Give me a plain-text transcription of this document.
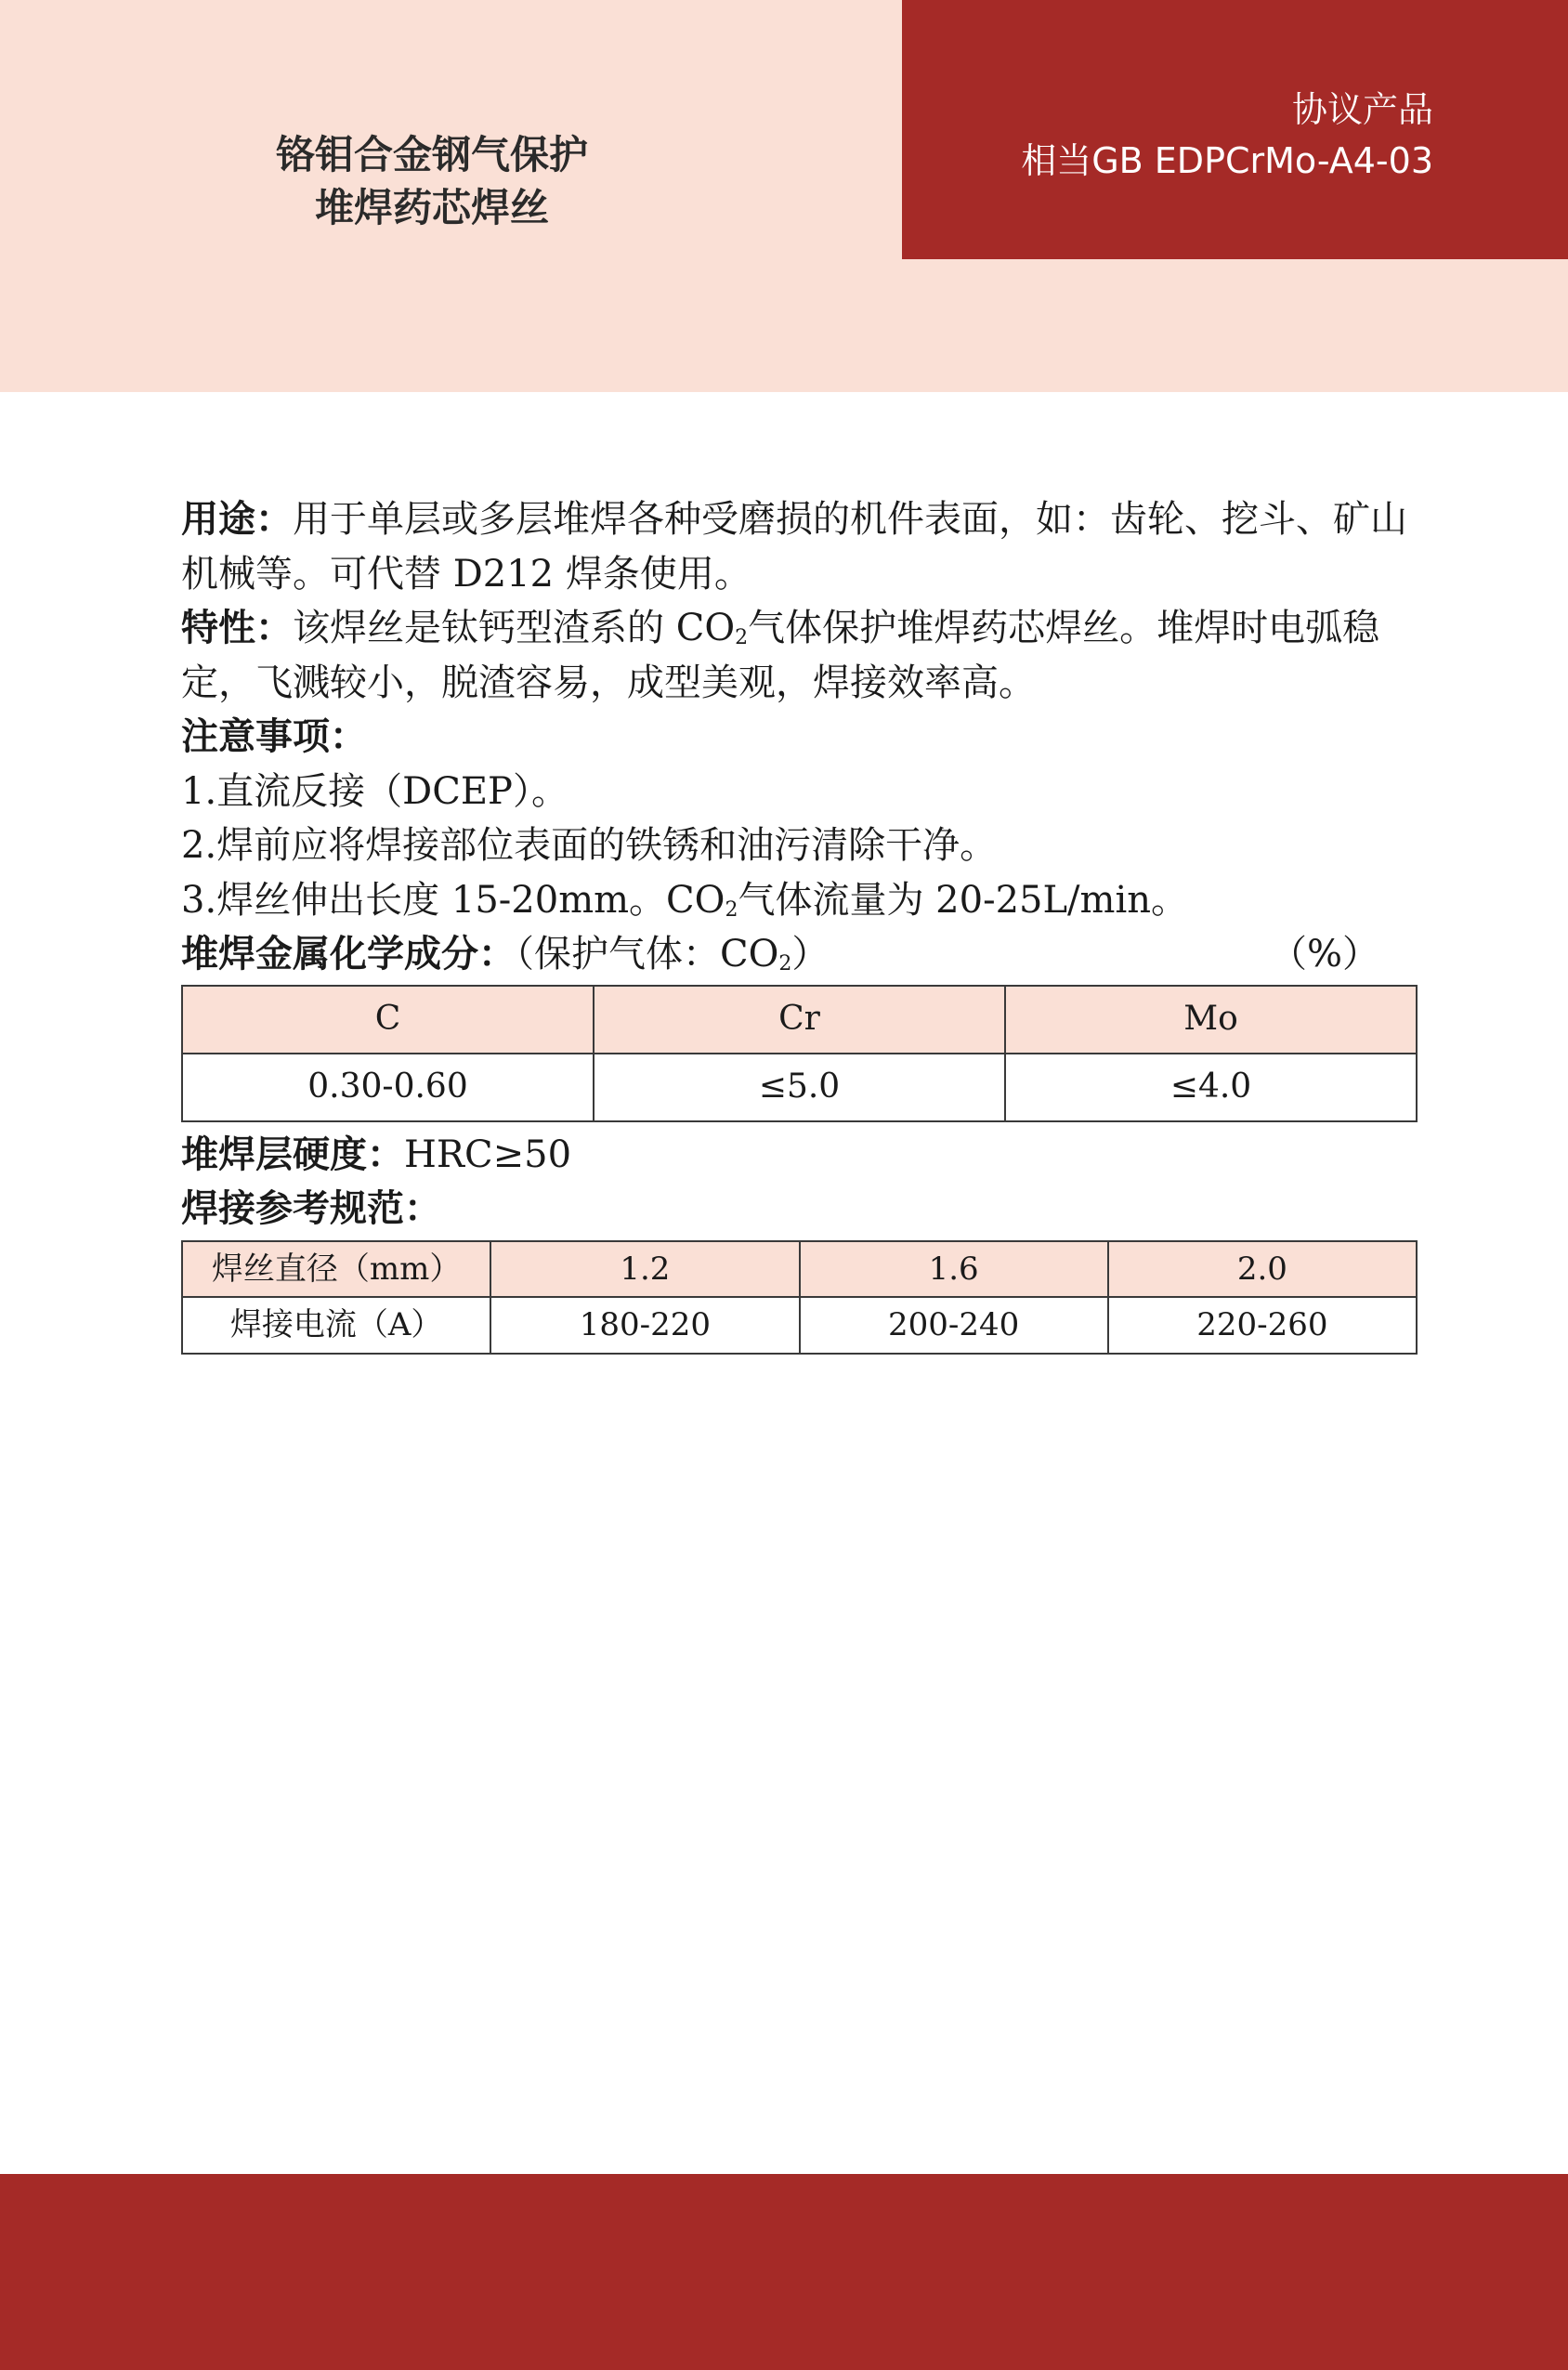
铬钼合金钢气保护
堆焊药芯焊丝
协议产品
相当GB EDPCrMo-A4-03

用途：用于单层或多层堆焊各种受磨损的机件表面，如：齿轮、挖斗、矿山机械等。可代替 D212 焊条使用。

特性：该焊丝是钛钙型渣系的 $CO_2$气体保护堆焊药芯焊丝。堆焊时电弧稳定，飞溅较小，脱渣容易，成型美观，焊接效率高。

注意事项：

1.直流反接（DCEP）。

2.焊前应将焊接部位表面的铁锈和油污清除干净。

3.焊丝伸出长度 15-20mm。$CO_2$气体流量为 20-25L/min。

堆焊金属化学成分：（保护气体：$CO_2$）	（%）

C	Cr	Mo
0.30-0.60	≤5.0	≤4.0

堆焊层硬度：HRC≥50

焊接参考规范：

焊丝直径（mm）	1.2	1.6	2.0
焊接电流（A）	180-220	200-240	220-260
